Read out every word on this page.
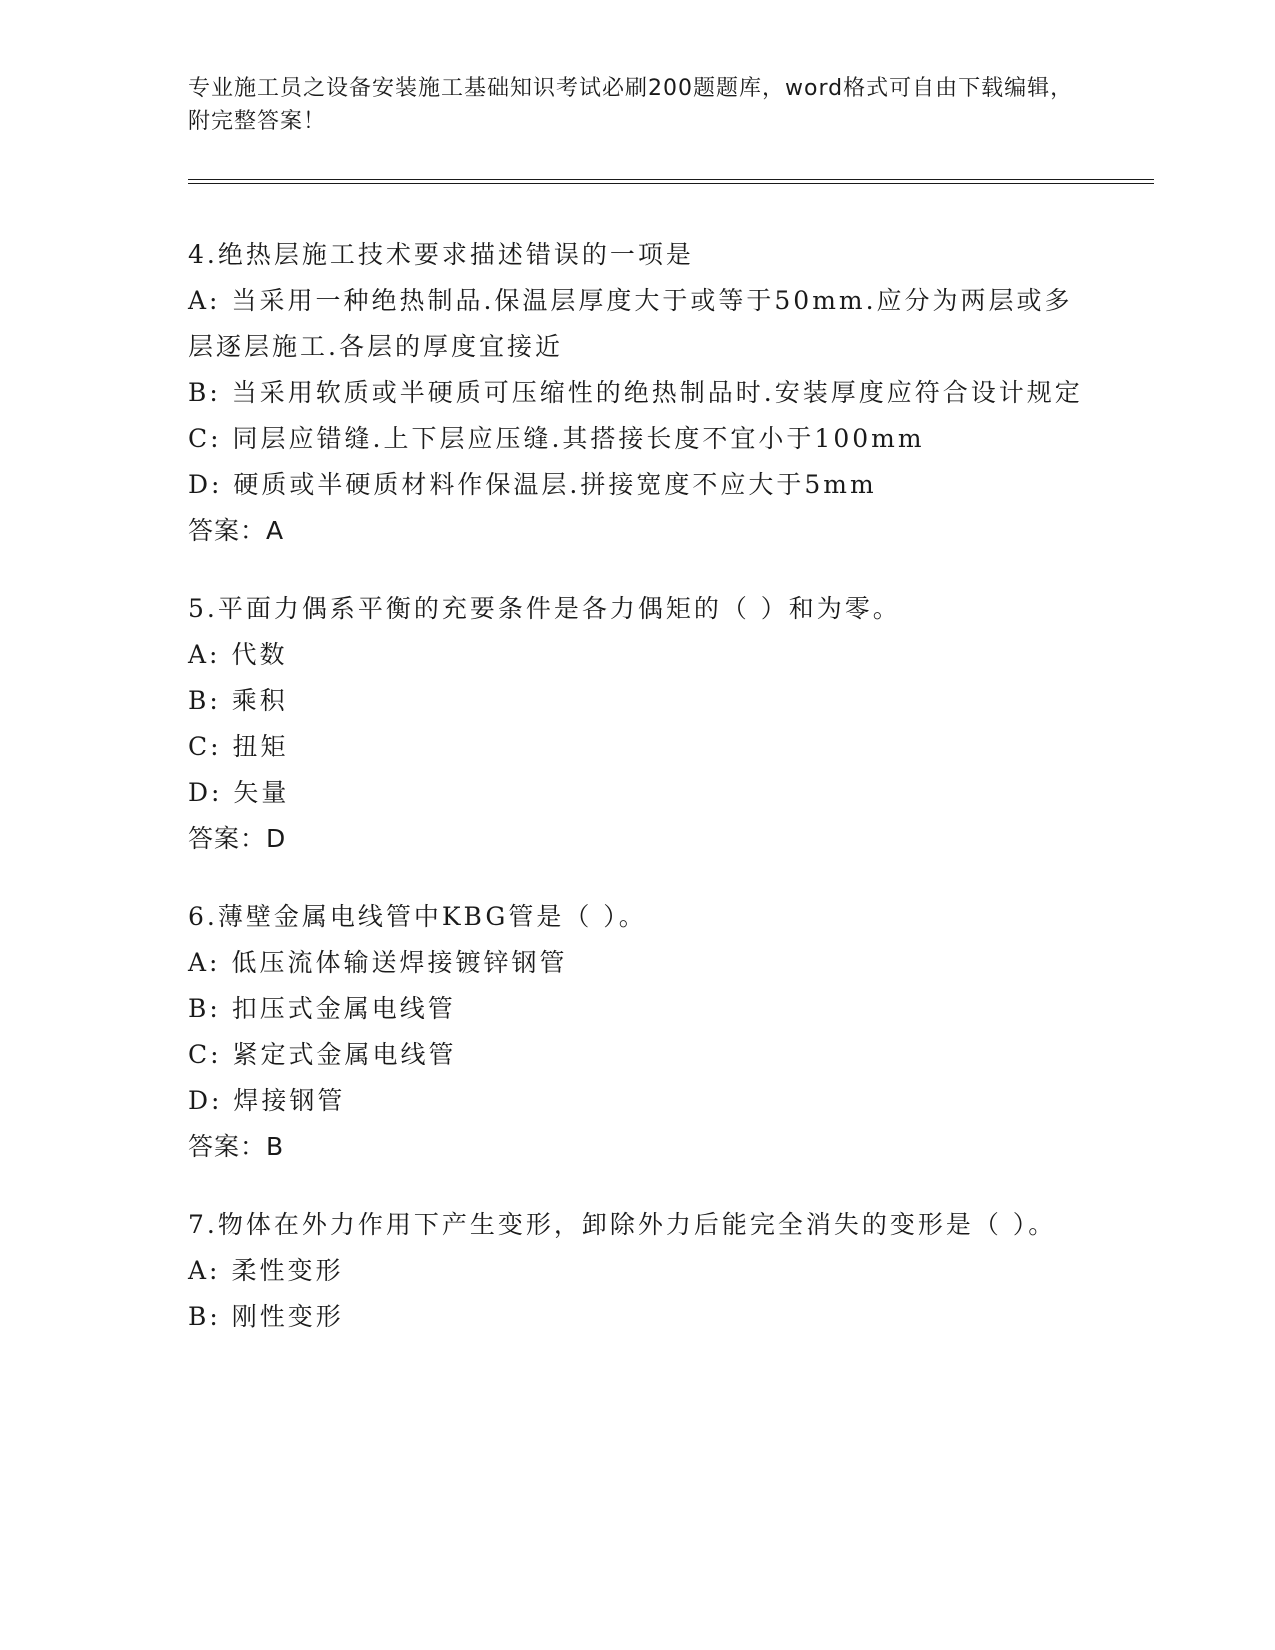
专业施工员之设备安装施工基础知识考试必刷200题题库，word格式可自由下载编辑，附完整答案！
4.绝热层施工技术要求描述错误的一项是
A: 当采用一种绝热制品.保温层厚度大于或等于50mm.应分为两层或多层逐层施工.各层的厚度宜接近
B: 当采用软质或半硬质可压缩性的绝热制品时.安装厚度应符合设计规定
C: 同层应错缝.上下层应压缝.其搭接长度不宜小于100mm
D: 硬质或半硬质材料作保温层.拼接宽度不应大于5mm
答案：A
5.平面力偶系平衡的充要条件是各力偶矩的（ ）和为零。
A: 代数
B: 乘积
C: 扭矩
D: 矢量
答案：D
6.薄壁金属电线管中KBG管是（ ）。
A: 低压流体输送焊接镀锌钢管
B: 扣压式金属电线管
C: 紧定式金属电线管
D: 焊接钢管
答案：B
7.物体在外力作用下产生变形，卸除外力后能完全消失的变形是（ ）。
A: 柔性变形
B: 刚性变形
